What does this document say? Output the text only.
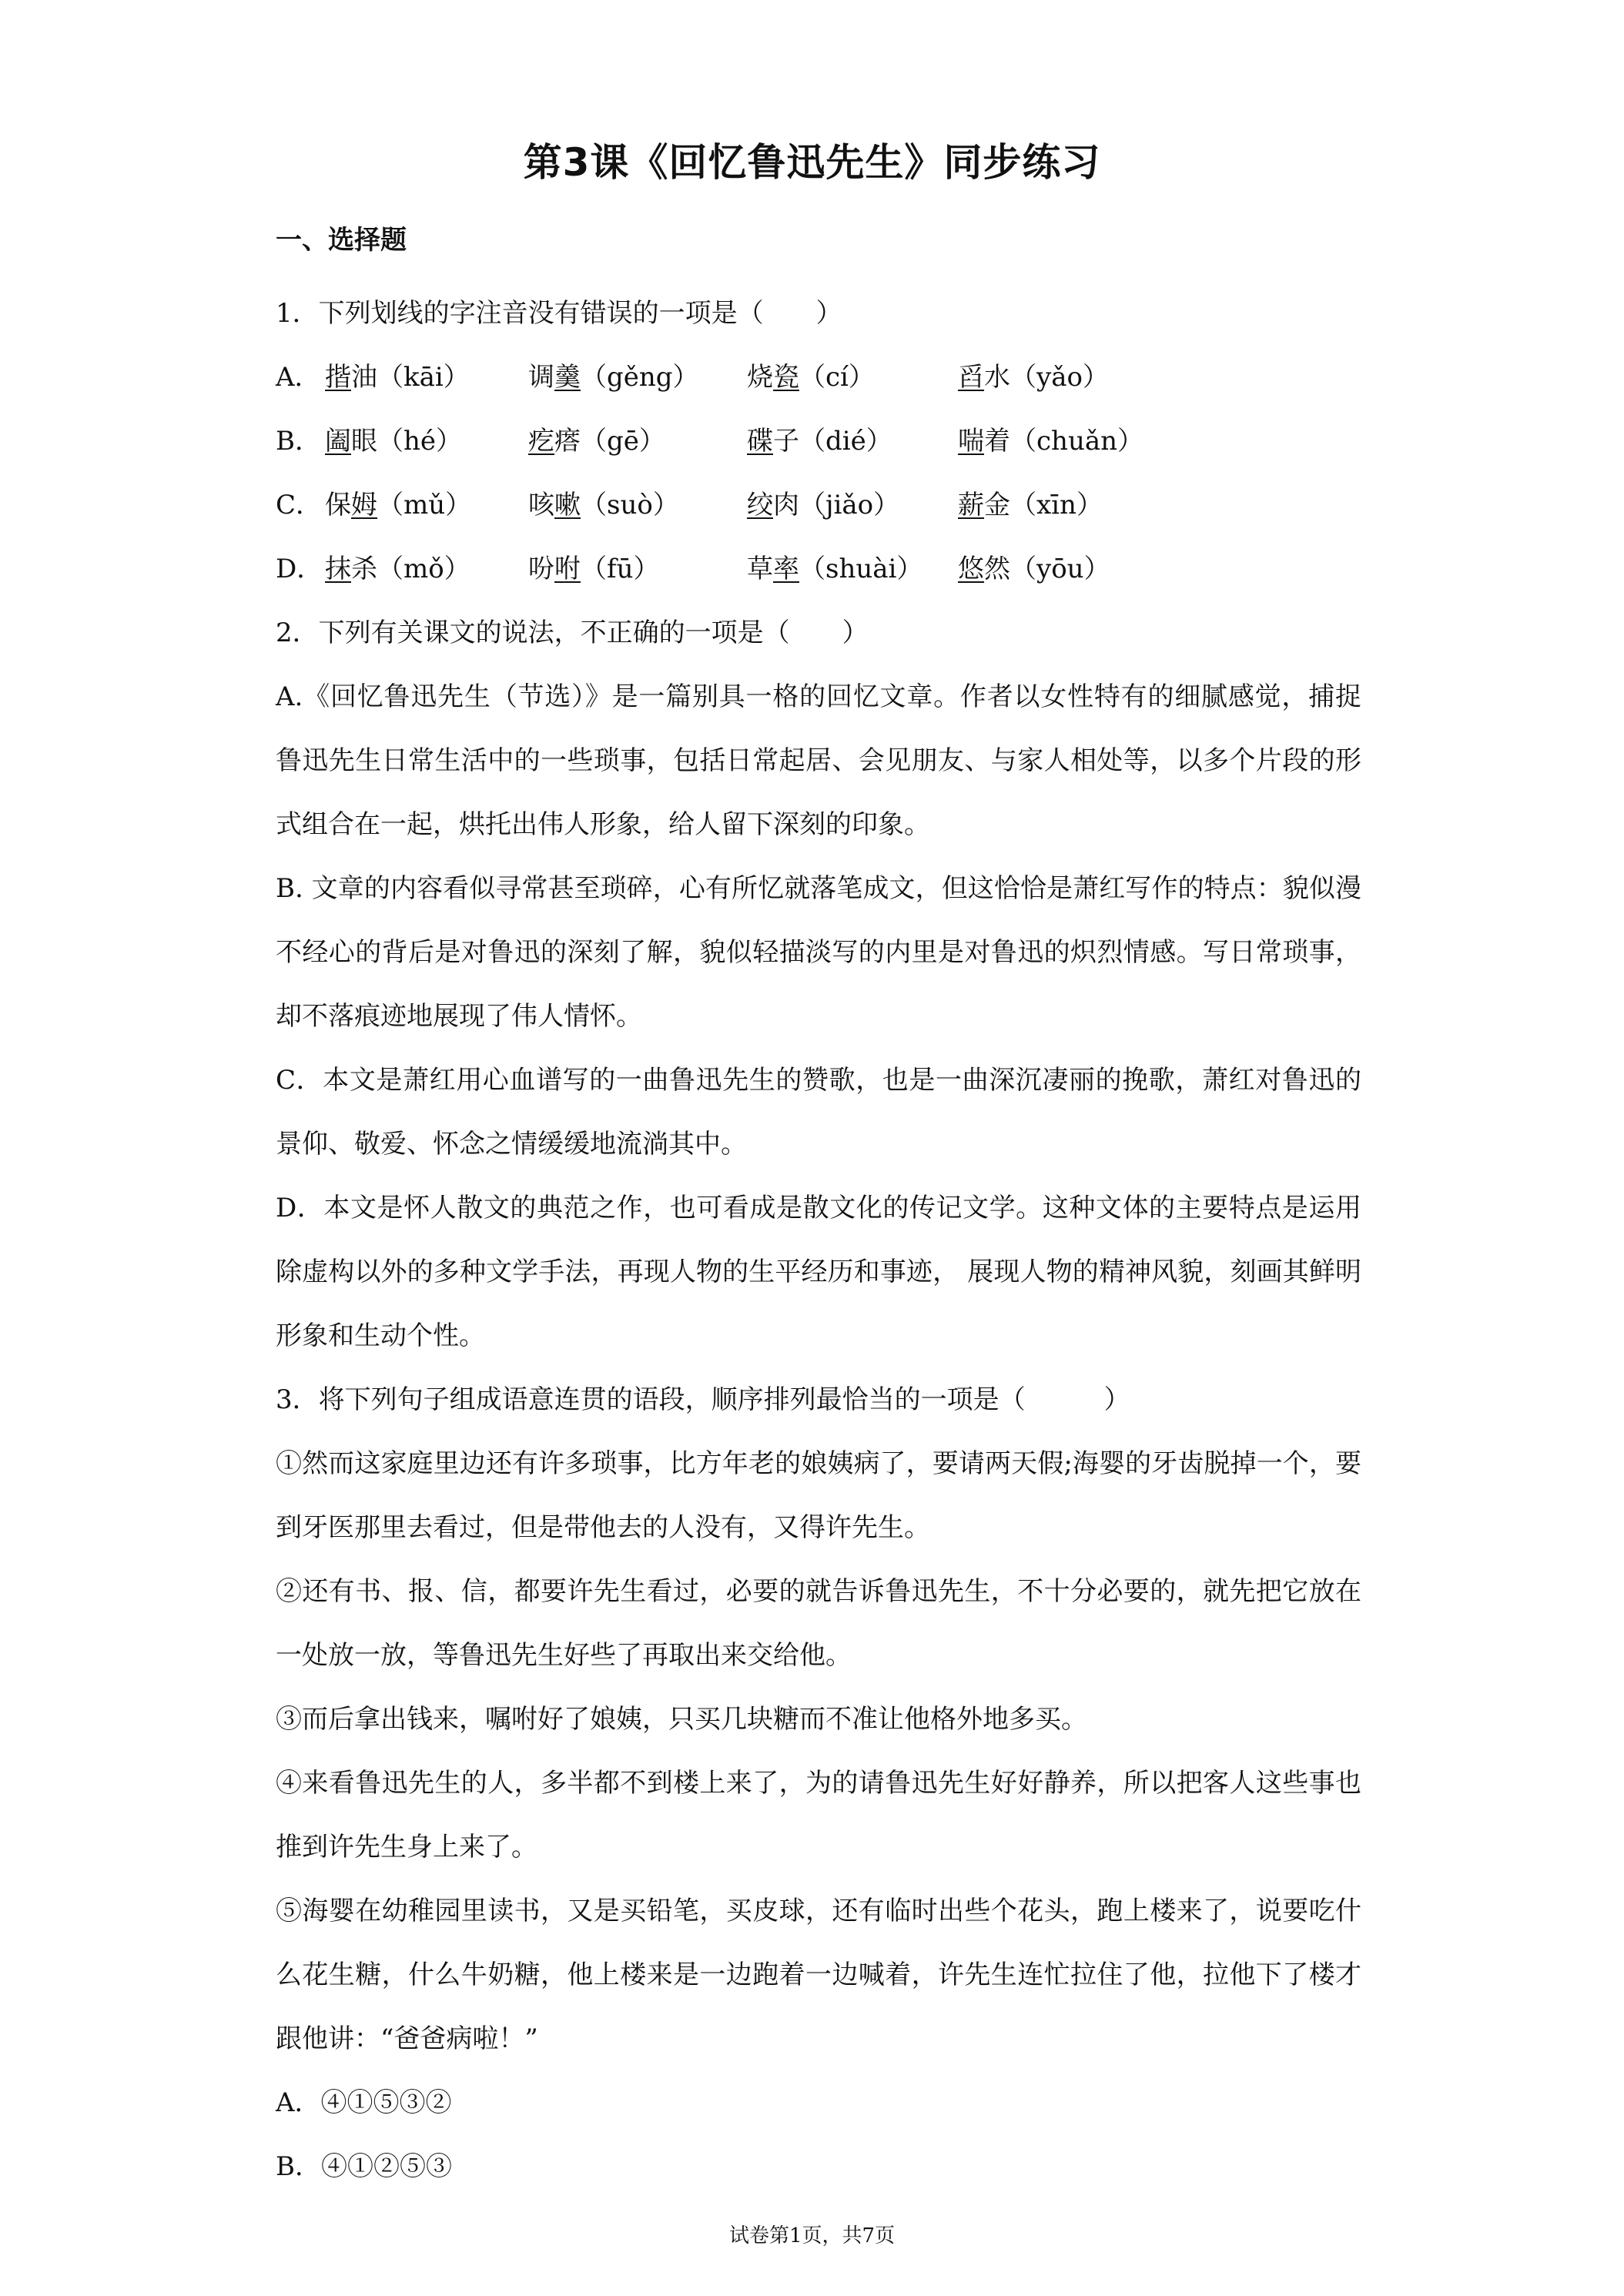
第3课《回忆鲁迅先生》同步练习
一、选择题
1．下列划线的字注音没有错误的一项是（　　）
A． 揩油（kāi）	调羹（gěng）	烧瓷（cí）	舀水（yǎo）
B． 阖眼（hé）	疙瘩（gē）	碟子（dié）	喘着（chuǎn）
C． 保姆（mǔ）	咳嗽（suò）	绞肉（jiǎo）	薪金（xīn）
D． 抹杀（mǒ）	吩咐（fū）	草率（shuài）	悠然（yōu）
2．下列有关课文的说法，不正确的一项是（　　）
A.《回忆鲁迅先生（节选）》是一篇别具一格的回忆文章。作者以女性特有的细腻感觉，捕捉鲁迅先生日常生活中的一些琐事，包括日常起居、会见朋友、与家人相处等，以多个片段的形式组合在一起，烘托出伟人形象，给人留下深刻的印象。
B. 文章的内容看似寻常甚至琐碎，心有所忆就落笔成文，但这恰恰是萧红写作的特点：貌似漫不经心的背后是对鲁迅的深刻了解，貌似轻描淡写的内里是对鲁迅的炽烈情感。写日常琐事，却不落痕迹地展现了伟人情怀。
C．本文是萧红用心血谱写的一曲鲁迅先生的赞歌，也是一曲深沉凄丽的挽歌，萧红对鲁迅的景仰、敬爱、怀念之情缓缓地流淌其中。
D．本文是怀人散文的典范之作，也可看成是散文化的传记文学。这种文体的主要特点是运用除虚构以外的多种文学手法，再现人物的生平经历和事迹， 展现人物的精神风貌，刻画其鲜明形象和生动个性。
3．将下列句子组成语意连贯的语段，顺序排列最恰当的一项是（　　　）
①然而这家庭里边还有许多琐事，比方年老的娘姨病了，要请两天假;海婴的牙齿脱掉一个，要到牙医那里去看过，但是带他去的人没有，又得许先生。
②还有书、报、信，都要许先生看过，必要的就告诉鲁迅先生，不十分必要的，就先把它放在一处放一放，等鲁迅先生好些了再取出来交给他。
③而后拿出钱来，嘱咐好了娘姨，只买几块糖而不准让他格外地多买。
④来看鲁迅先生的人，多半都不到楼上来了，为的请鲁迅先生好好静养，所以把客人这些事也推到许先生身上来了。
⑤海婴在幼稚园里读书，又是买铅笔，买皮球，还有临时出些个花头，跑上楼来了，说要吃什么花生糖，什么牛奶糖，他上楼来是一边跑着一边喊着，许先生连忙拉住了他，拉他下了楼才跟他讲：“爸爸病啦！”
A．④①⑤③②
B．④①②⑤③
试卷第1页，共7页
